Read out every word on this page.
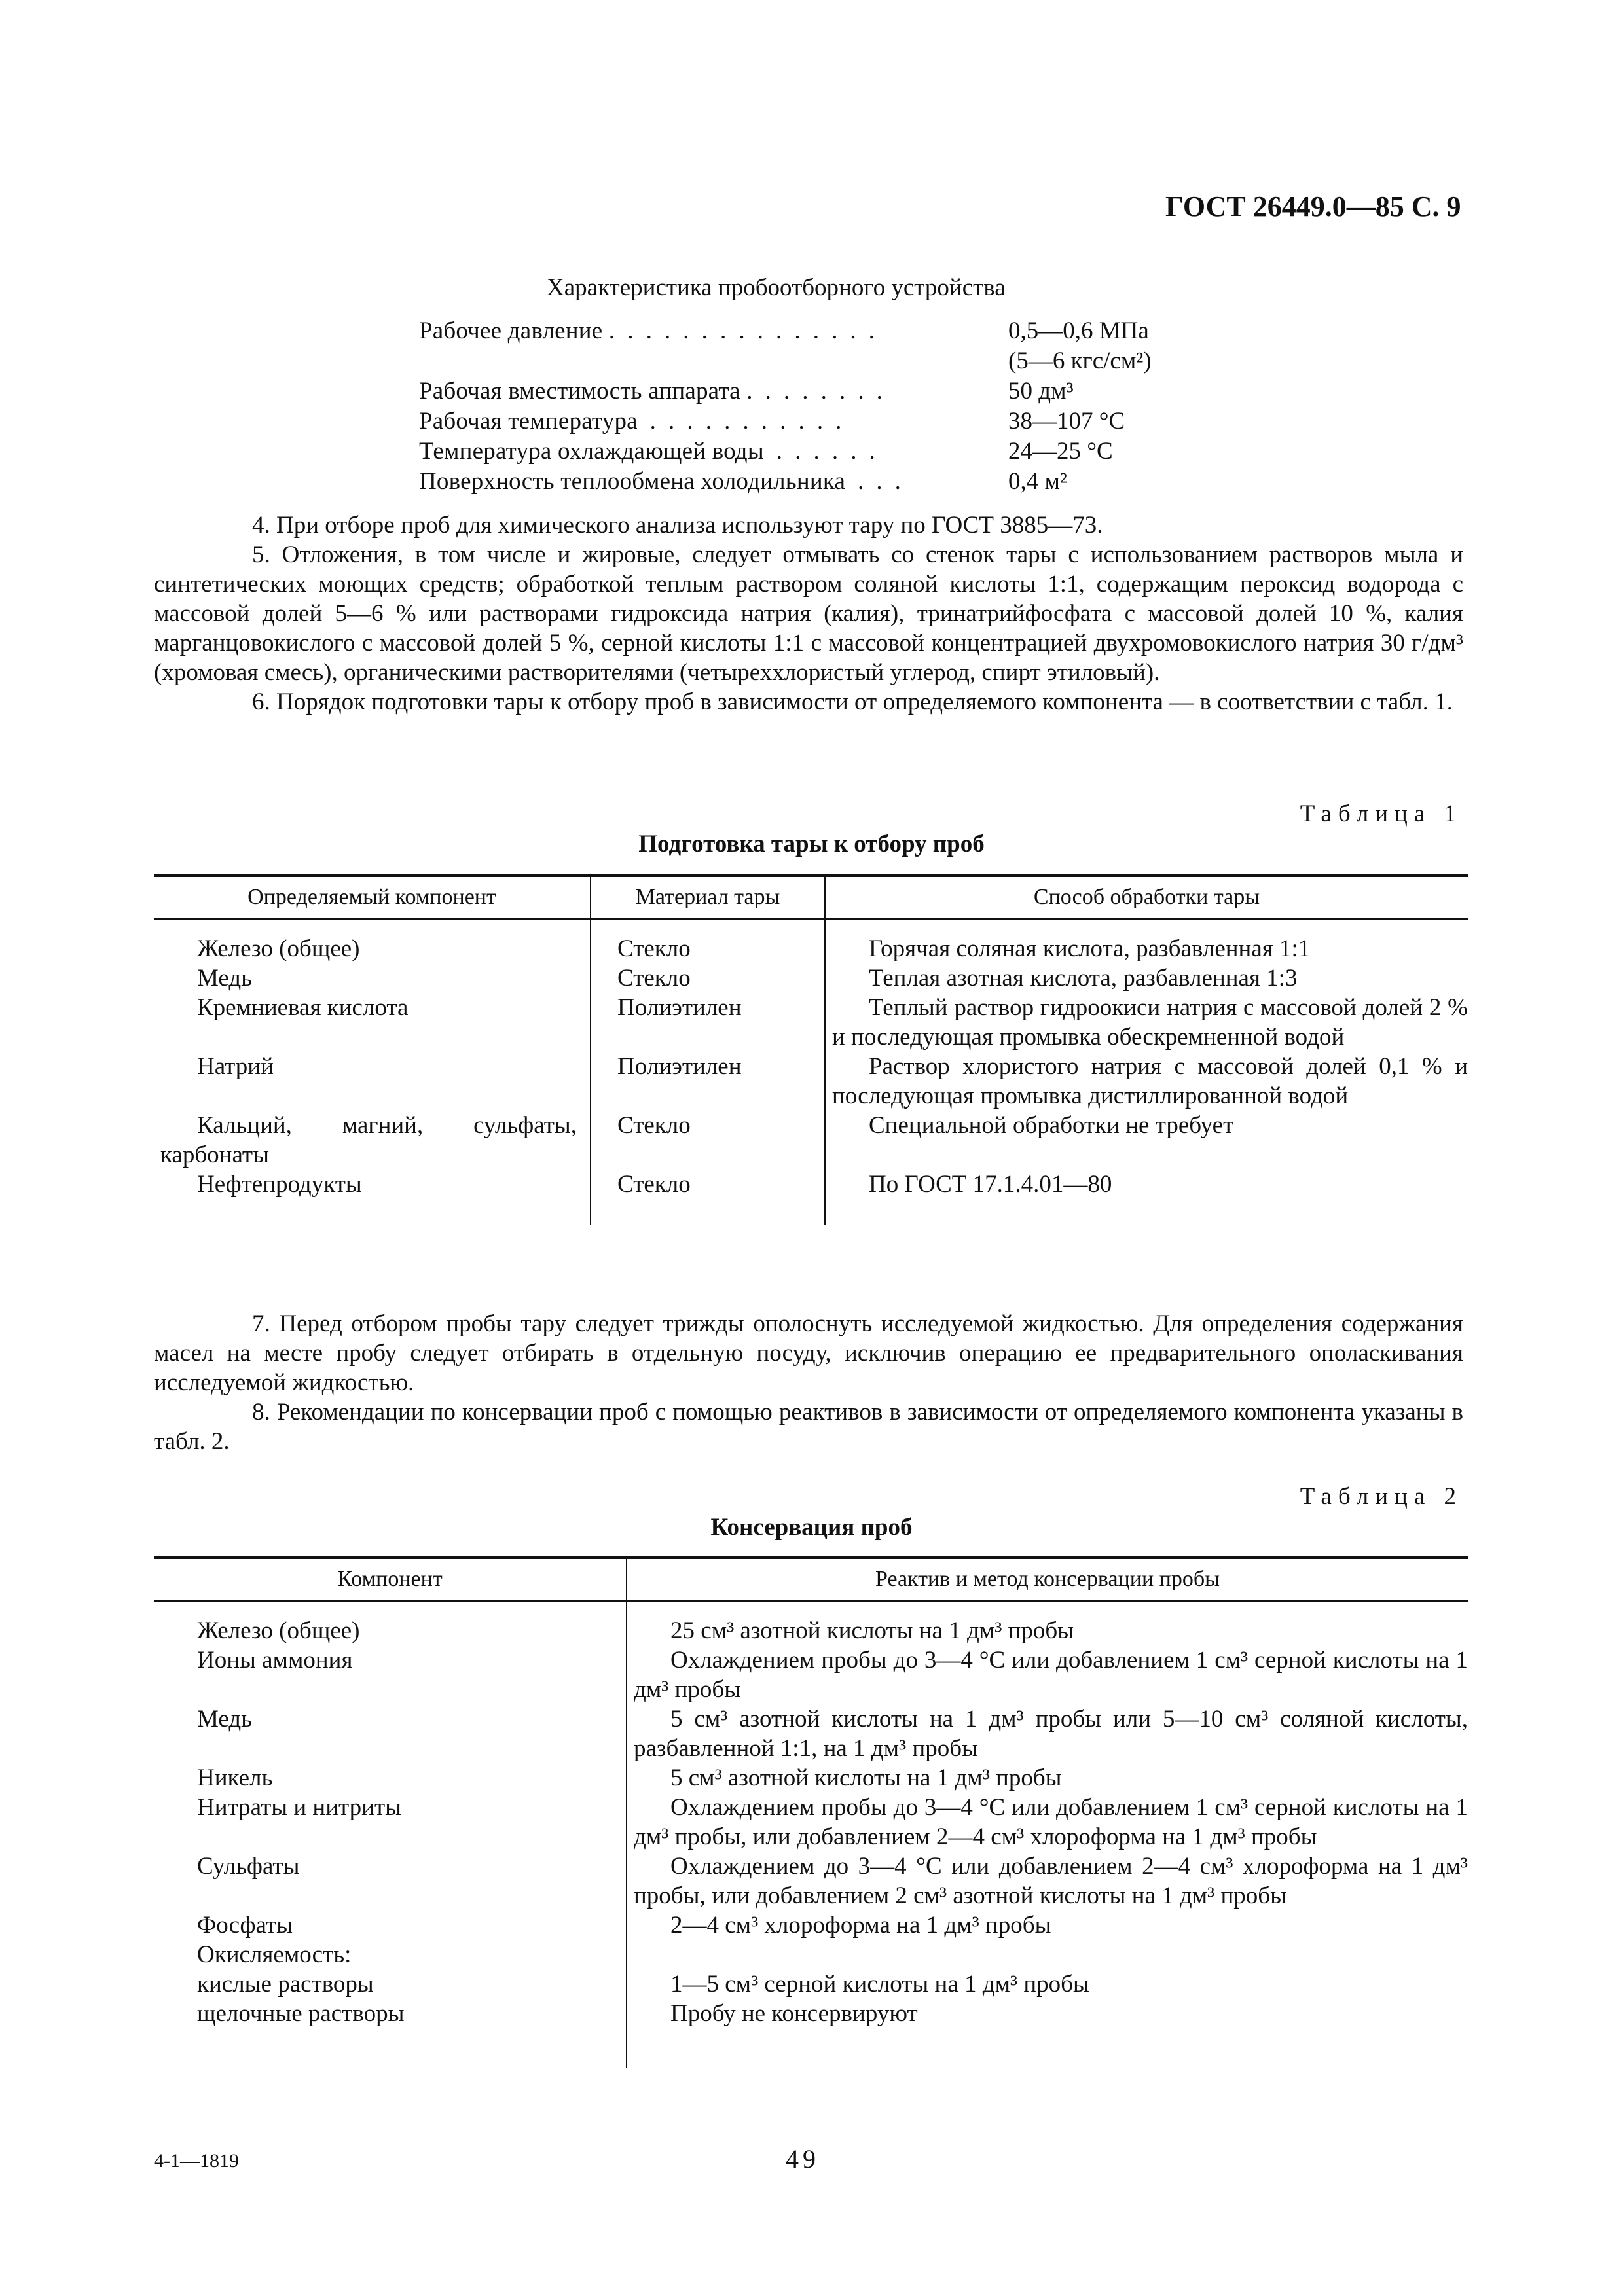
ГОСТ 26449.0—85 С. 9
Характеристика пробоотборного устройства
Рабочее давление .  .  .  .  .  .  .  .  .  .  .  .  .  .  .	0,5—0,6 МПа
(5—6 кгс/см²)
Рабочая вместимость аппарата .  .  .  .  .  .  .  .	50 дм³
Рабочая температура  .  .  .  .  .  .  .  .  .  .  .	38—107 °С
Температура охлаждающей воды  .  .  .  .  .  .	24—25 °С
Поверхность теплообмена холодильника  .  .  .	0,4 м²

4. При отборе проб для химического анализа используют тару по ГОСТ 3885—73.

5. Отложения, в том числе и жировые, следует отмывать со стенок тары с использованием растворов мыла и синтетических моющих средств; обработкой теплым раствором соляной кислоты 1:1, содержащим пероксид водорода с массовой долей 5—6 % или растворами гидроксида натрия (калия), тринатрийфосфата с массовой долей 10 %, калия марганцовокислого с массовой долей 5 %, серной кислоты 1:1 с массовой концентрацией двухромовокислого натрия 30 г/дм³ (хромовая смесь), органическими растворителями (четыреххлористый углерод, спирт этиловый).

6. Порядок подготовки тары к отбору проб в зависимости от определяемого компонента — в соответствии с табл. 1.

Таблица 1
Подготовка тары к отбору проб
Определяемый компонент	Материал тары	Способ обработки тары
Железо (общее)	Стекло	Горячая соляная кислота, разбавленная 1:1
Медь	Стекло	Теплая азотная кислота, разбавленная 1:3
Кремниевая кислота	Полиэтилен	Теплый раствор гидроокиси натрия с массовой долей 2 % и последующая промывка обескремненной водой
Натрий	Полиэтилен	Раствор хлористого натрия с массовой долей 0,1 % и последующая промывка дистиллированной водой
Кальций, магний, сульфаты, карбонаты	Стекло	Специальной обработки не требует
Нефтепродукты	Стекло	По ГОСТ 17.1.4.01—80

7. Перед отбором пробы тару следует трижды ополоснуть исследуемой жидкостью. Для определения содержания масел на месте пробу следует отбирать в отдельную посуду, исключив операцию ее предварительного ополаскивания исследуемой жидкостью.

8. Рекомендации по консервации проб с помощью реактивов в зависимости от определяемого компонента указаны в табл. 2.

Таблица 2
Консервация проб
Компонент	Реактив и метод консервации пробы
Железо (общее)	25 см³ азотной кислоты на 1 дм³ пробы
Ионы аммония	Охлаждением пробы до 3—4 °С или добавлением 1 см³ серной кислоты на 1 дм³ пробы
Медь	5 см³ азотной кислоты на 1 дм³ пробы или 5—10 см³ соляной кислоты, разбавленной 1:1, на 1 дм³ пробы
Никель	5 см³ азотной кислоты на 1 дм³ пробы
Нитраты и нитриты	Охлаждением пробы до 3—4 °С или добавлением 1 см³ серной кислоты на 1 дм³ пробы, или добавлением 2—4 см³ хлороформа на 1 дм³ пробы
Сульфаты	Охлаждением до 3—4 °С или добавлением 2—4 см³ хлороформа на 1 дм³ пробы, или добавлением 2 см³ азотной кислоты на 1 дм³ пробы
Фосфаты	2—4 см³ хлороформа на 1 дм³ пробы
Окисляемость:	
кислые растворы	1—5 см³ серной кислоты на 1 дм³ пробы
щелочные растворы	Пробу не консервируют
4-1—1819	49
